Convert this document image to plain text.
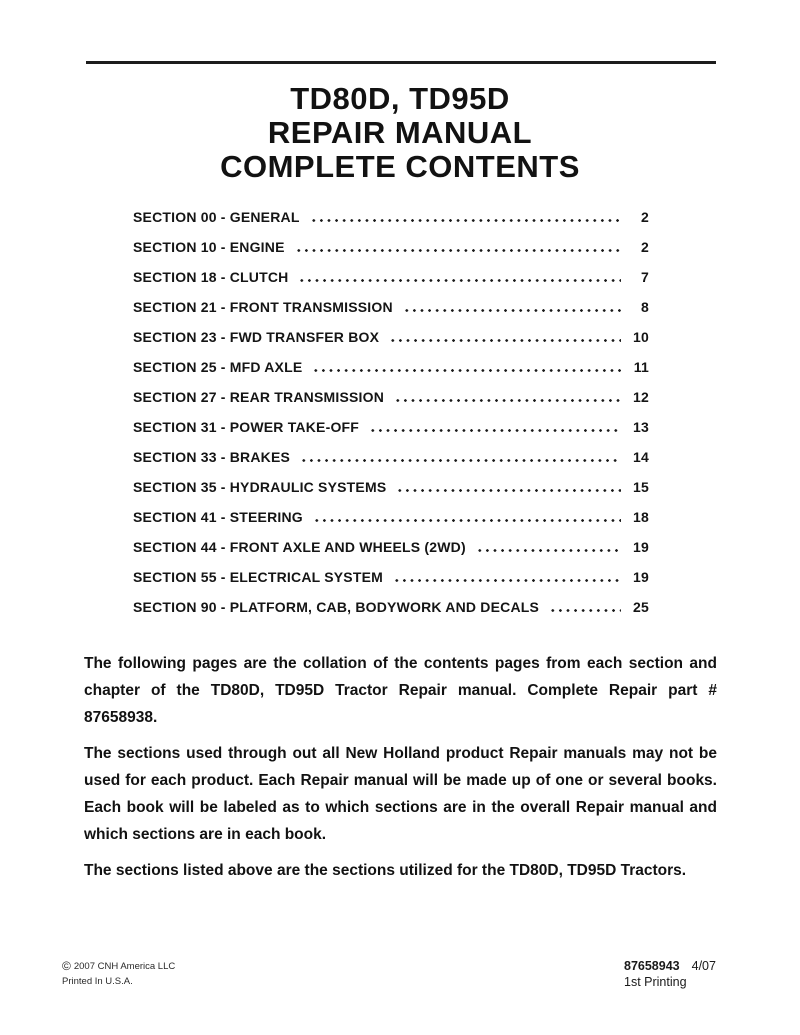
TD80D, TD95D
REPAIR MANUAL
COMPLETE CONTENTS
SECTION 00 - GENERAL	2
SECTION 10 - ENGINE	2
SECTION 18 - CLUTCH	7
SECTION 21 - FRONT TRANSMISSION	8
SECTION 23 - FWD TRANSFER BOX	10
SECTION 25 - MFD AXLE	11
SECTION 27 - REAR TRANSMISSION	12
SECTION 31 - POWER TAKE-OFF	13
SECTION 33 - BRAKES	14
SECTION 35 - HYDRAULIC SYSTEMS	15
SECTION 41 - STEERING	18
SECTION 44 - FRONT AXLE AND WHEELS (2WD)	19
SECTION 55 - ELECTRICAL SYSTEM	19
SECTION 90 - PLATFORM, CAB, BODYWORK AND DECALS	25

The following pages are the collation of the contents pages from each section and chapter of the TD80D, TD95D Tractor Repair manual. Complete Repair part # 87658938.

The sections used through out all New Holland product Repair manuals may not be used for each product. Each Repair manual will be made up of one or several books. Each book will be labeled as to which sections are in the overall Repair manual and which sections are in each book.

The sections listed above are the sections utilized for the TD80D, TD95D Tractors.

© 2007 CNH America LLC
Printed In U.S.A.
87658943 4/07
1st Printing
